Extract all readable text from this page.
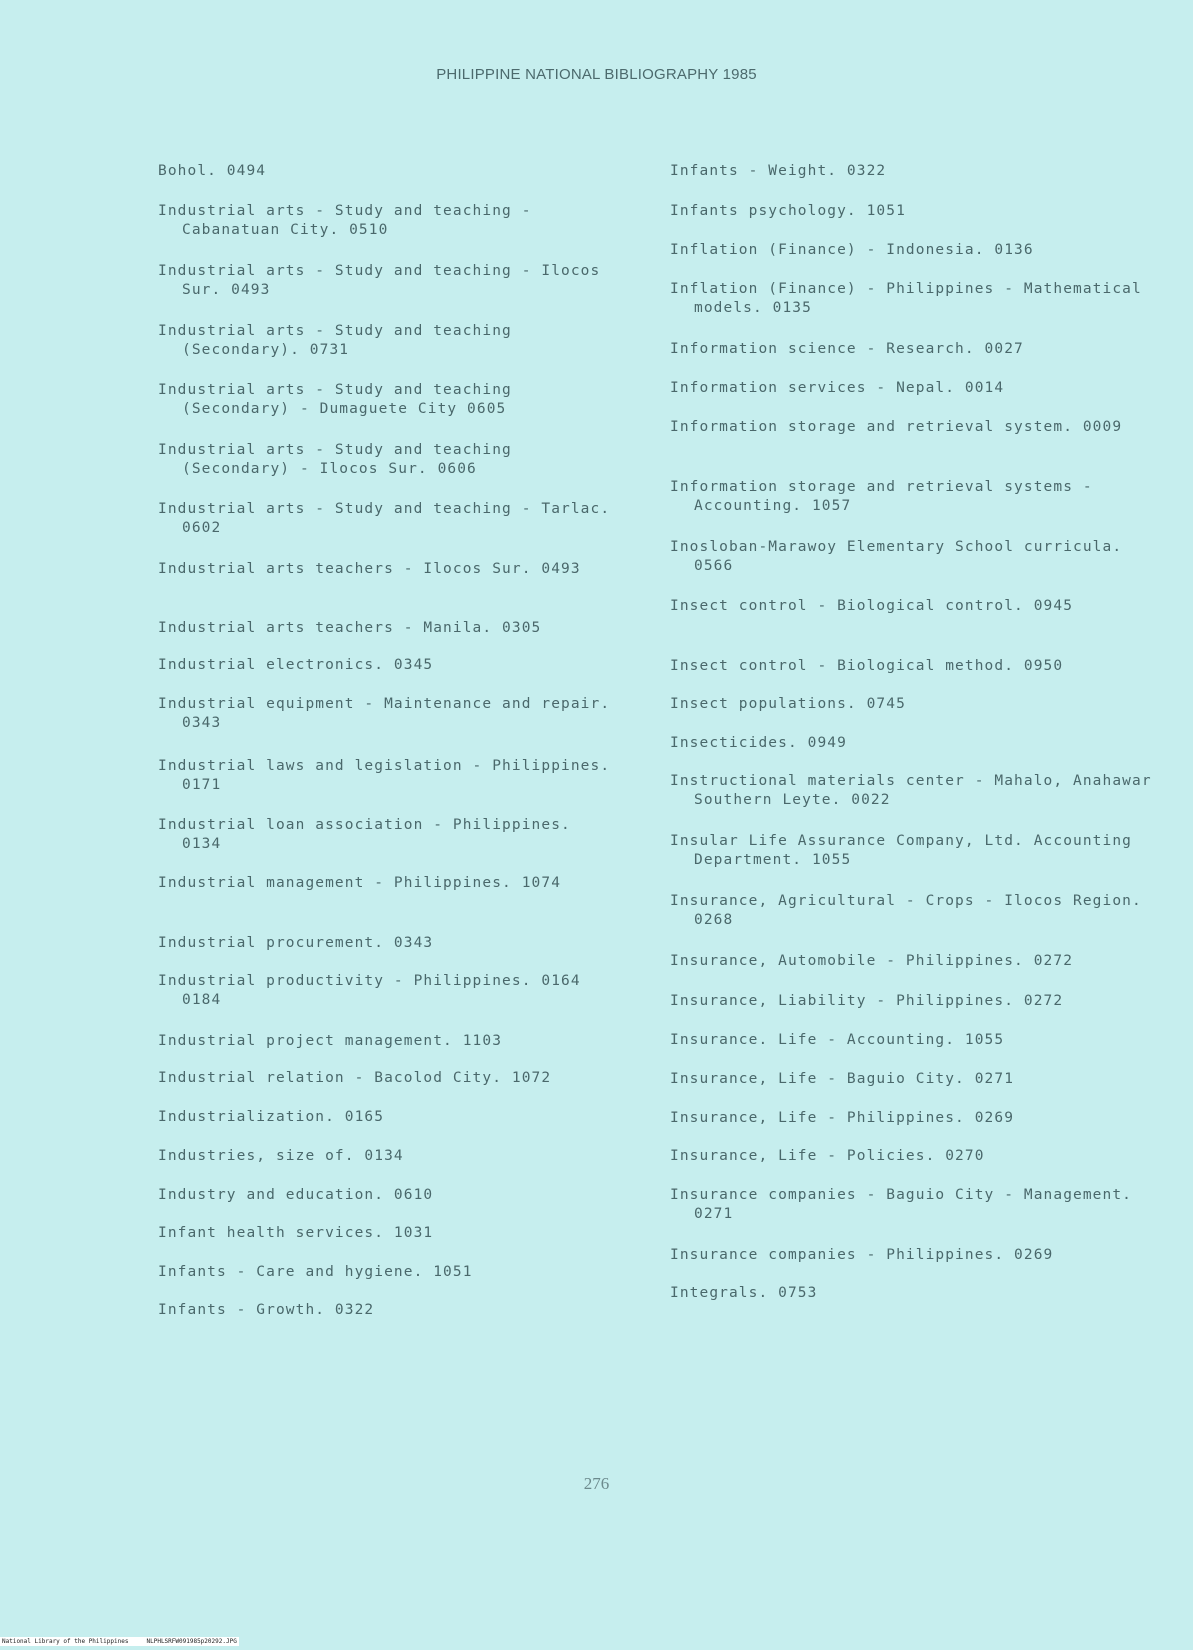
PHILIPPINE NATIONAL BIBLIOGRAPHY 1985

Bohol. 0494

Industrial arts - Study and teaching - Cabanatuan City. 0510

Industrial arts - Study and teaching - Ilocos Sur. 0493

Industrial arts - Study and teaching (Secondary). 0731

Industrial arts - Study and teaching (Secondary) - Dumaguete City 0605

Industrial arts - Study and teaching (Secondary) - Ilocos Sur. 0606

Industrial arts - Study and teaching - Tarlac. 0602

Industrial arts teachers - Ilocos Sur. 0493

Industrial arts teachers - Manila. 0305

Industrial electronics. 0345

Industrial equipment - Maintenance and repair. 0343

Industrial laws and legislation - Philippines. 0171

Industrial loan association - Philippines. 0134

Industrial management - Philippines. 1074

Industrial procurement. 0343

Industrial productivity - Philippines. 0164 0184

Industrial project management. 1103

Industrial relation - Bacolod City. 1072

Industrialization. 0165

Industries, size of. 0134

Industry and education. 0610

Infant health services. 1031

Infants - Care and hygiene. 1051

Infants - Growth. 0322

Infants - Weight. 0322

Infants psychology. 1051

Inflation (Finance) - Indonesia. 0136

Inflation (Finance) - Philippines - Mathematical models. 0135

Information science - Research. 0027

Information services - Nepal. 0014

Information storage and retrieval system. 0009

Information storage and retrieval systems - Accounting. 1057

Inosloban-Marawoy Elementary School curricula. 0566

Insect control - Biological control. 0945

Insect control - Biological method. 0950

Insect populations. 0745

Insecticides. 0949

Instructional materials center - Mahalo, Anahawar Southern Leyte. 0022

Insular Life Assurance Company, Ltd. Accounting Department. 1055

Insurance, Agricultural - Crops - Ilocos Region. 0268

Insurance, Automobile - Philippines. 0272

Insurance, Liability - Philippines. 0272

Insurance. Life - Accounting. 1055

Insurance, Life - Baguio City. 0271

Insurance, Life - Philippines. 0269

Insurance, Life - Policies. 0270

Insurance companies - Baguio City - Management. 0271

Insurance companies - Philippines. 0269

Integrals. 0753

276
National Library of the Philippines     NLPHLSRFW091985p20292.JPG
